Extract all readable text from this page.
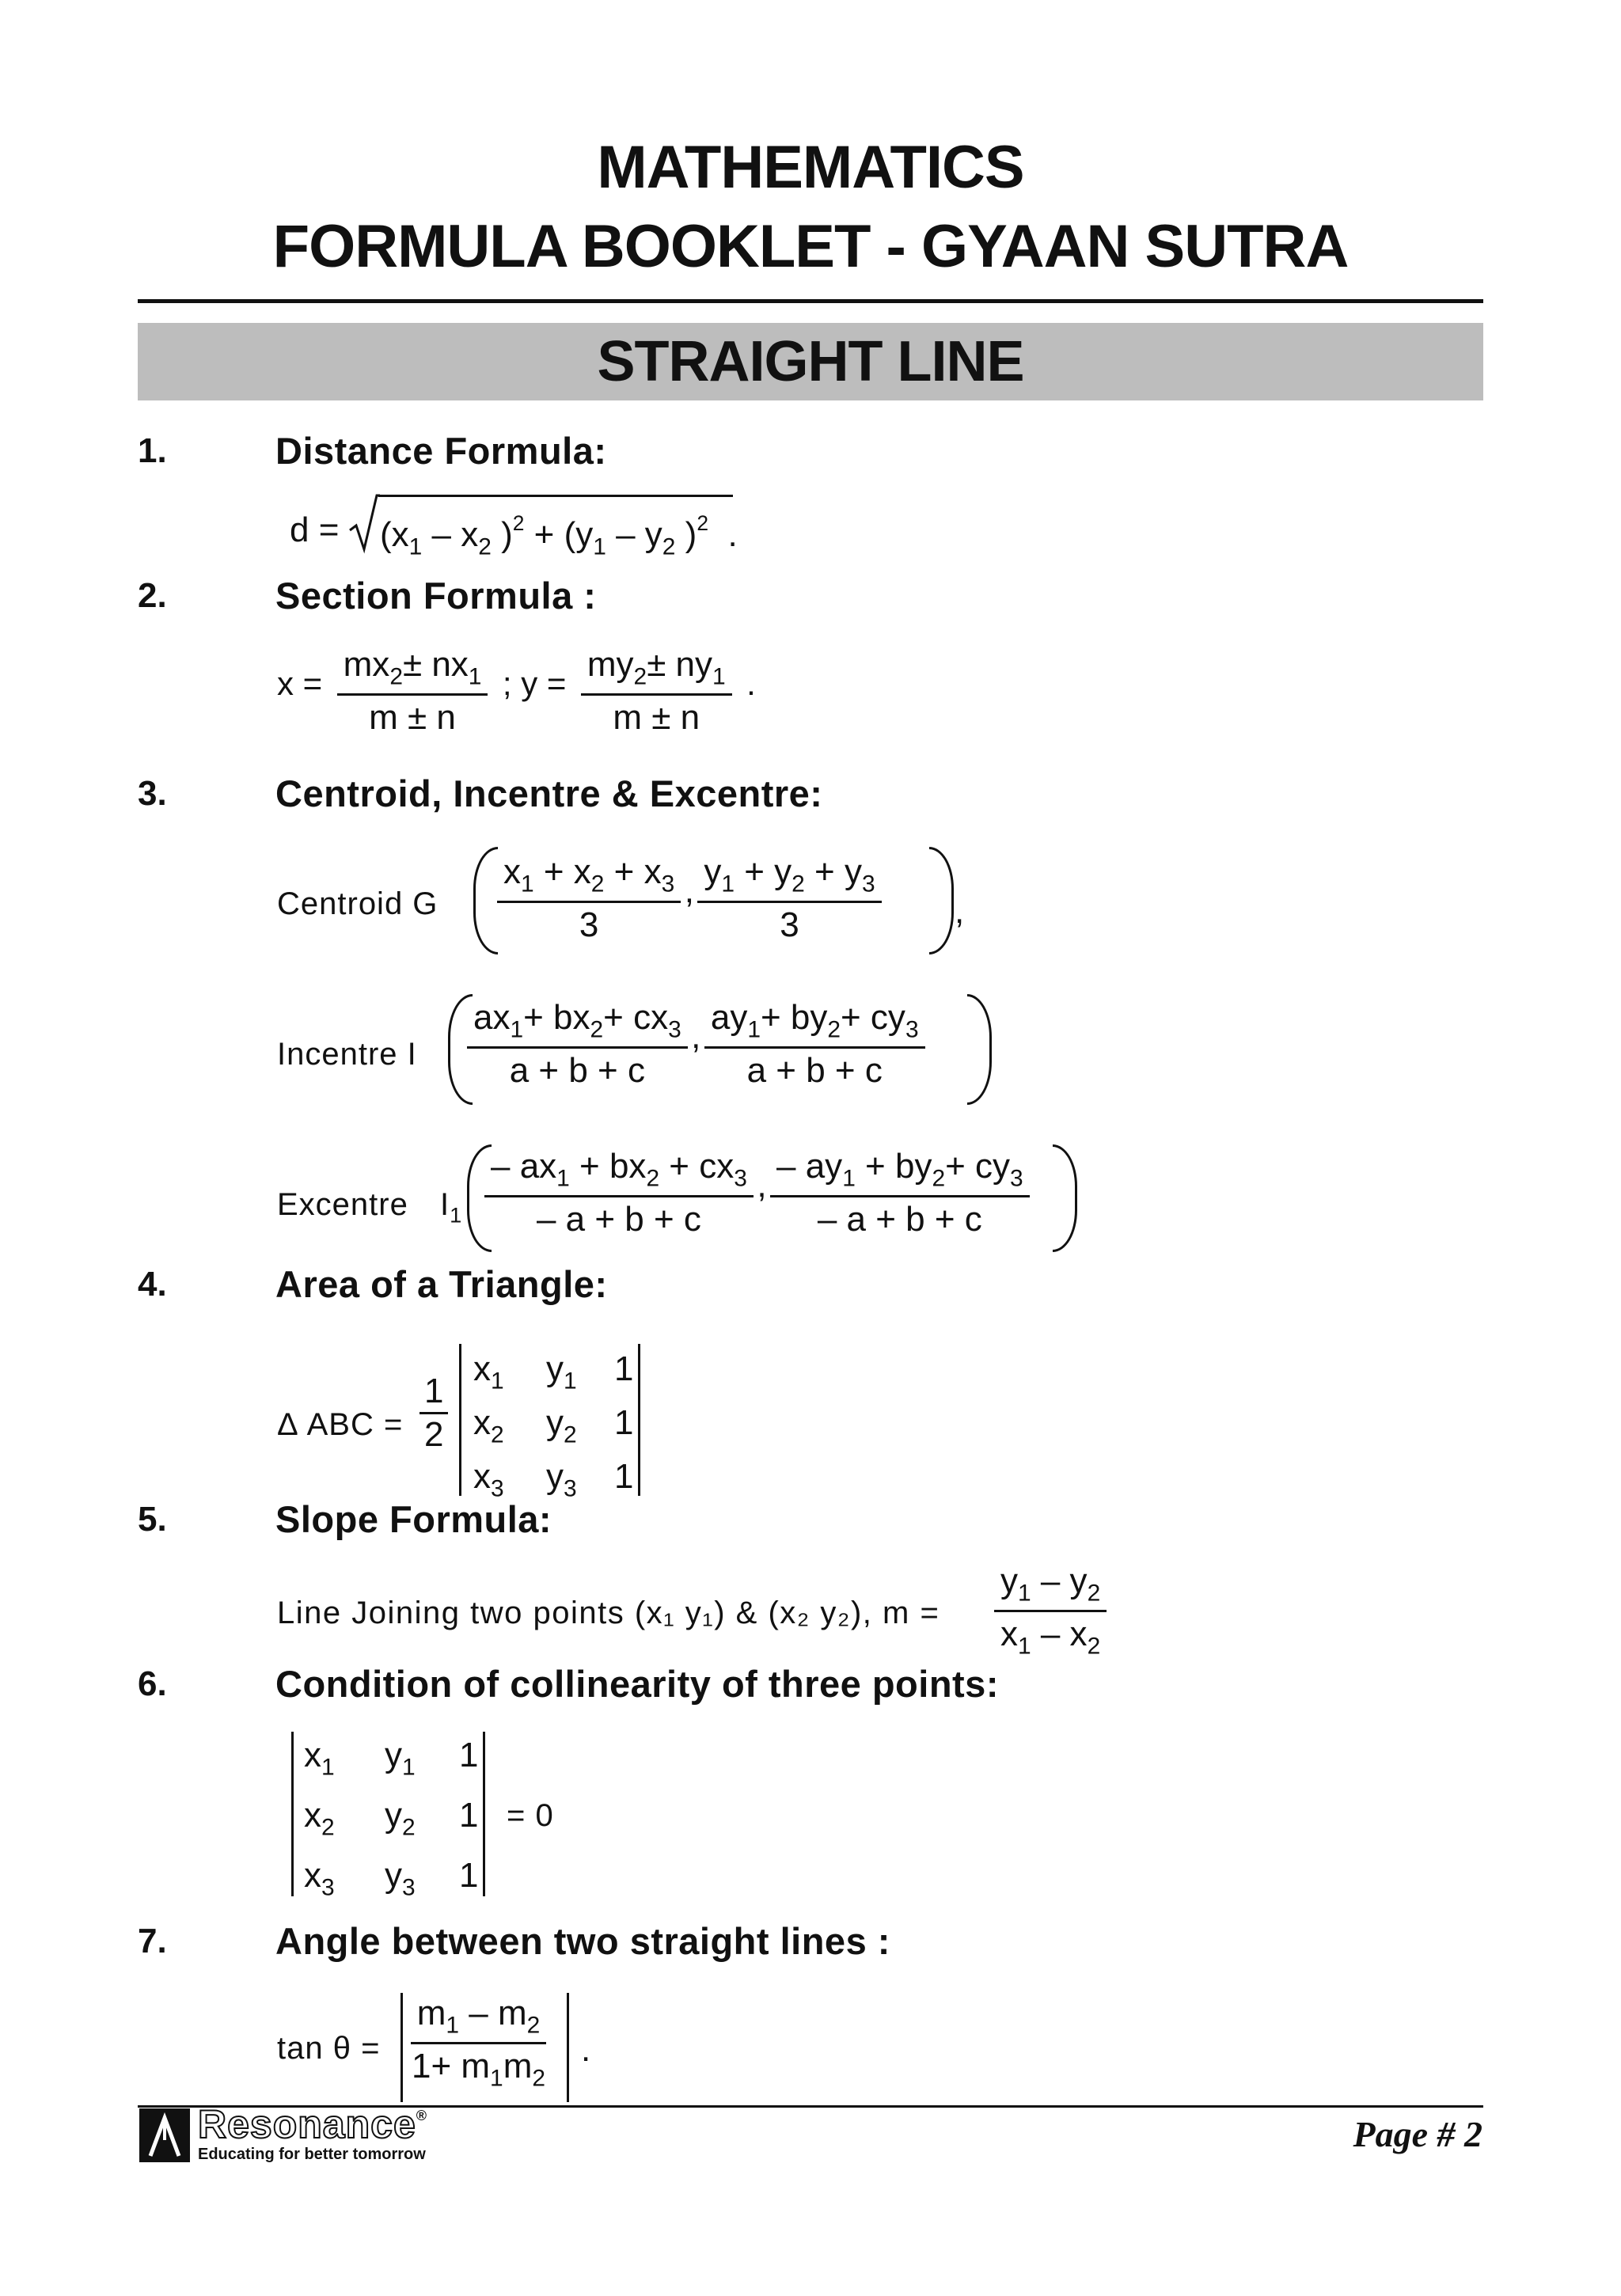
MATHEMATICS
FORMULA BOOKLET - GYAAN SUTRA
STRAIGHT LINE
1.	Distance Formula:
$d = (x_1 - x_2$ )$^2 + (y_1 - y_2$ )$^2$  .
2.	Section Formula :
$x = \frac{mx_2\pm nx_1}{m \pm n}$ ; $y = \frac{my_2\pm ny_1}{m \pm n}$ .
3.	Centroid, Incentre & Excentre:
Centroid G $\frac{x_1 + x_2 + x_3}{3}$ , $\frac{y_1 + y_2 + y_3}{3}$ ,
Incentre I $\frac{ax_1+ bx_2+ cx_3}{a + b + c}$ , $\frac{ay_1+ by_2+ cy_3}{a + b + c}$
Excentre $I_1 \frac{- ax_1 + bx_2 + cx_3}{- a + b + c}$ , $\frac{- ay_1 + by_2+ cy_3}{- a + b + c}$
4.	Area of a Triangle:
Δ ABC = $\frac{1}{2}$
$x_1$ $y_1$ 1
$x_2$ $y_2$ 1
$x_3$ $y_3$ 1
5.	Slope Formula:
Line Joining two points (x₁ y₁) & (x₂ y₂), $m = \frac{y_1 - y_2}{x_1 - x_2}$
6.	Condition of collinearity of three points:
$x_1$ $y_1$ 1
$x_2$ $y_2$ 1
$x_3$ $y_3$ 1
= 0
7.	Angle between two straight lines :
$\tan \theta = \frac{m_1 - m_2}{1+ m_1m_2}$ .
Resonance®
Educating for better tomorrow	Page # 2
